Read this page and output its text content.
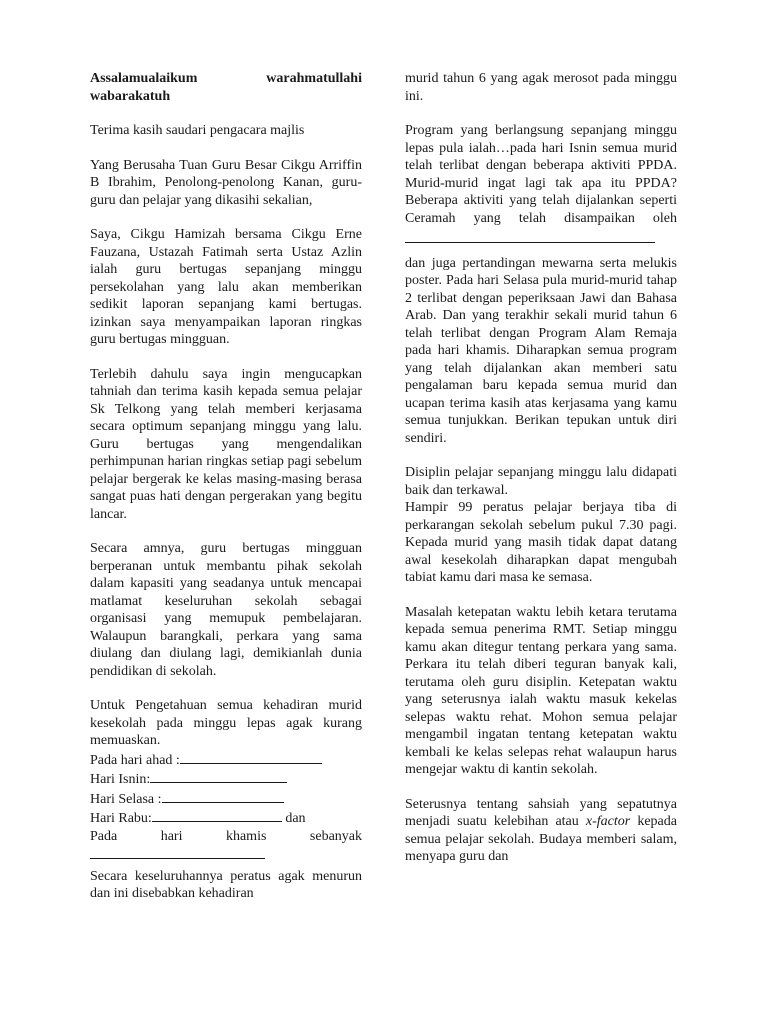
Assalamualaikum warahmatullahi wabarakatuh

Terima kasih saudari pengacara majlis

Yang Berusaha Tuan Guru Besar Cikgu Arriffin B Ibrahim, Penolong-penolong Kanan, guru-guru dan pelajar yang dikasihi sekalian,

Saya, Cikgu Hamizah bersama Cikgu Erne Fauzana, Ustazah Fatimah serta Ustaz Azlin ialah guru bertugas sepanjang minggu persekolahan yang lalu akan memberikan sedikit laporan sepanjang kami bertugas. izinkan saya menyampaikan laporan ringkas guru bertugas mingguan.

Terlebih dahulu saya ingin mengucapkan tahniah dan terima kasih kepada semua pelajar Sk Telkong yang telah memberi kerjasama secara optimum sepanjang minggu yang lalu. Guru bertugas yang mengendalikan perhimpunan harian ringkas setiap pagi sebelum pelajar bergerak ke kelas masing-masing berasa sangat puas hati dengan pergerakan yang begitu lancar.

Secara amnya, guru bertugas mingguan berperanan untuk membantu pihak sekolah dalam kapasiti yang seadanya untuk mencapai matlamat keseluruhan sekolah sebagai organisasi yang memupuk pembelajaran. Walaupun barangkali, perkara yang sama diulang dan diulang lagi, demikianlah dunia pendidikan di sekolah.

Untuk Pengetahuan semua kehadiran murid kesekolah pada minggu lepas agak kurang memuaskan.

Pada hari ahad :
Hari Isnin:
Hari Selasa :
Hari Rabu:	dan
Pada hari khamis sebanyak

Secara keseluruhannya peratus agak menurun dan ini disebabkan kehadiran

murid tahun 6 yang agak merosot pada minggu ini.

Program yang berlangsung sepanjang minggu lepas pula ialah…pada hari Isnin semua murid telah terlibat dengan beberapa aktiviti PPDA. Murid-murid ingat lagi tak apa itu PPDA? Beberapa aktiviti yang telah dijalankan seperti Ceramah yang telah disampaikan oleh
dan juga pertandingan mewarna serta melukis poster. Pada hari Selasa pula murid-murid tahap 2 terlibat dengan peperiksaan Jawi dan Bahasa Arab. Dan yang terakhir sekali murid tahun 6 telah terlibat dengan Program Alam Remaja pada hari khamis. Diharapkan semua program yang telah dijalankan akan memberi satu pengalaman baru kepada semua murid dan ucapan terima kasih atas kerjasama yang kamu semua tunjukkan. Berikan tepukan untuk diri sendiri.
Disiplin pelajar sepanjang minggu lalu didapati baik dan terkawal.
Hampir 99 peratus pelajar berjaya tiba di perkarangan sekolah sebelum pukul 7.30 pagi. Kepada murid yang masih tidak dapat datang awal kesekolah diharapkan dapat mengubah tabiat kamu dari masa ke semasa.

Masalah ketepatan waktu lebih ketara terutama kepada semua penerima RMT. Setiap minggu kamu akan ditegur tentang perkara yang sama. Perkara itu telah diberi teguran banyak kali, terutama oleh guru disiplin. Ketepatan waktu yang seterusnya ialah waktu masuk kekelas selepas waktu rehat. Mohon semua pelajar mengambil ingatan tentang ketepatan waktu kembali ke kelas selepas rehat walaupun harus mengejar waktu di kantin sekolah.

Seterusnya tentang sahsiah yang sepatutnya menjadi suatu kelebihan atau x-factor kepada semua pelajar sekolah. Budaya memberi salam, menyapa guru dan
